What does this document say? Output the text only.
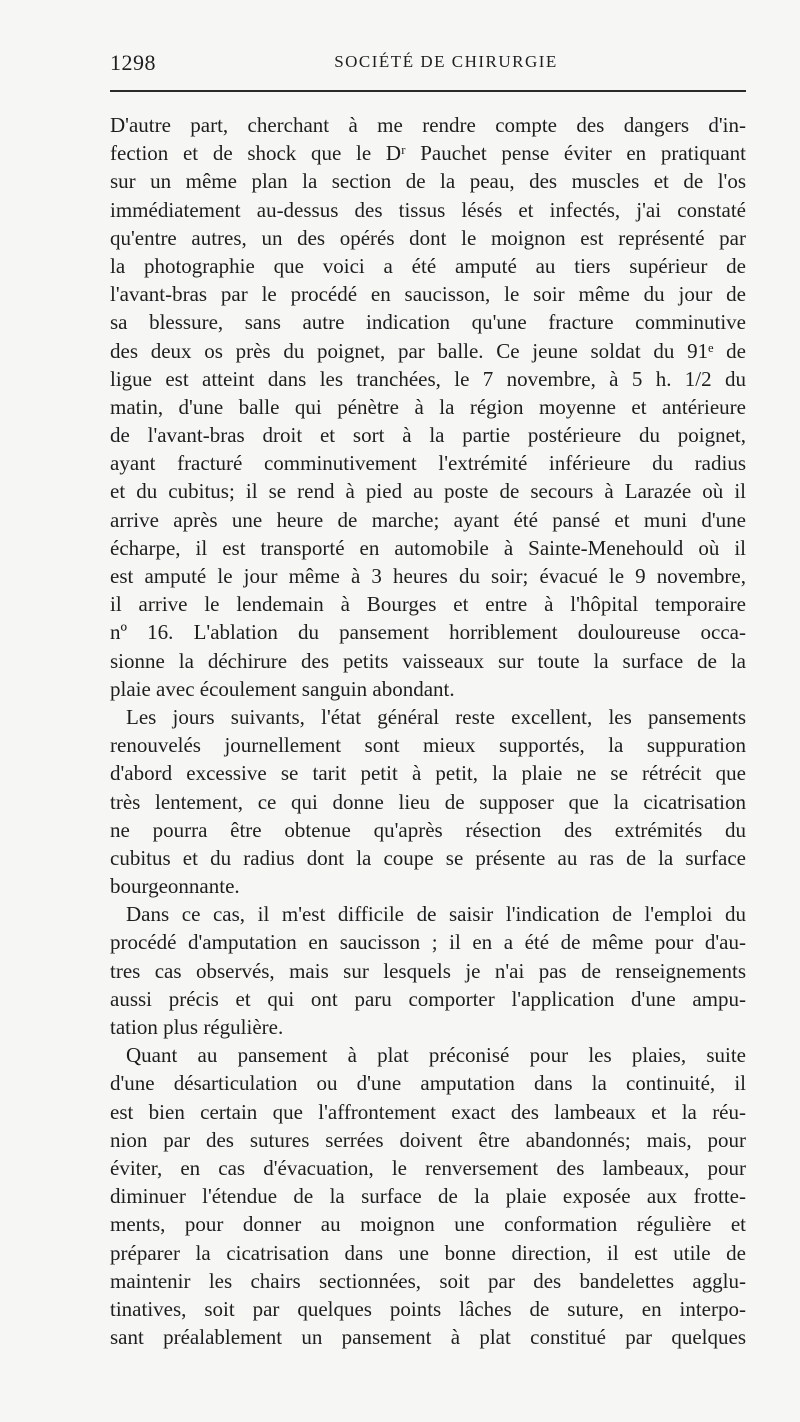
1298	SOCIÉTÉ DE CHIRURGIE
D'autre part, cherchant à me rendre compte des dangers d'in-
fection et de shock que le Dʳ Pauchet pense éviter en pratiquant
sur un même plan la section de la peau, des muscles et de l'os
immédiatement au-dessus des tissus lésés et infectés, j'ai constaté
qu'entre autres, un des opérés dont le moignon est représenté par
la photographie que voici a été amputé au tiers supérieur de
l'avant-bras par le procédé en saucisson, le soir même du jour de
sa blessure, sans autre indication qu'une fracture comminutive
des deux os près du poignet, par balle. Ce jeune soldat du 91ᵉ de
ligue est atteint dans les tranchées, le 7 novembre, à 5 h. 1/2 du
matin, d'une balle qui pénètre à la région moyenne et antérieure
de l'avant-bras droit et sort à la partie postérieure du poignet,
ayant fracturé comminutivement l'extrémité inférieure du radius
et du cubitus; il se rend à pied au poste de secours à Larazée où il
arrive après une heure de marche; ayant été pansé et muni d'une
écharpe, il est transporté en automobile à Sainte-Menehould où il
est amputé le jour même à 3 heures du soir; évacué le 9 novembre,
il arrive le lendemain à Bourges et entre à l'hôpital temporaire
nº 16. L'ablation du pansement horriblement douloureuse occa-
sionne la déchirure des petits vaisseaux sur toute la surface de la
plaie avec écoulement sanguin abondant.
Les jours suivants, l'état général reste excellent, les pansements
renouvelés journellement sont mieux supportés, la suppuration
d'abord excessive se tarit petit à petit, la plaie ne se rétrécit que
très lentement, ce qui donne lieu de supposer que la cicatrisation
ne pourra être obtenue qu'après résection des extrémités du
cubitus et du radius dont la coupe se présente au ras de la surface
bourgeonnante.
Dans ce cas, il m'est difficile de saisir l'indication de l'emploi du
procédé d'amputation en saucisson ; il en a été de même pour d'au-
tres cas observés, mais sur lesquels je n'ai pas de renseignements
aussi précis et qui ont paru comporter l'application d'une ampu-
tation plus régulière.
Quant au pansement à plat préconisé pour les plaies, suite
d'une désarticulation ou d'une amputation dans la continuité, il
est bien certain que l'affrontement exact des lambeaux et la réu-
nion par des sutures serrées doivent être abandonnés; mais, pour
éviter, en cas d'évacuation, le renversement des lambeaux, pour
diminuer l'étendue de la surface de la plaie exposée aux frotte-
ments, pour donner au moignon une conformation régulière et
préparer la cicatrisation dans une bonne direction, il est utile de
maintenir les chairs sectionnées, soit par des bandelettes agglu-
tinatives, soit par quelques points lâches de suture, en interpo-
sant préalablement un pansement à plat constitué par quelques
